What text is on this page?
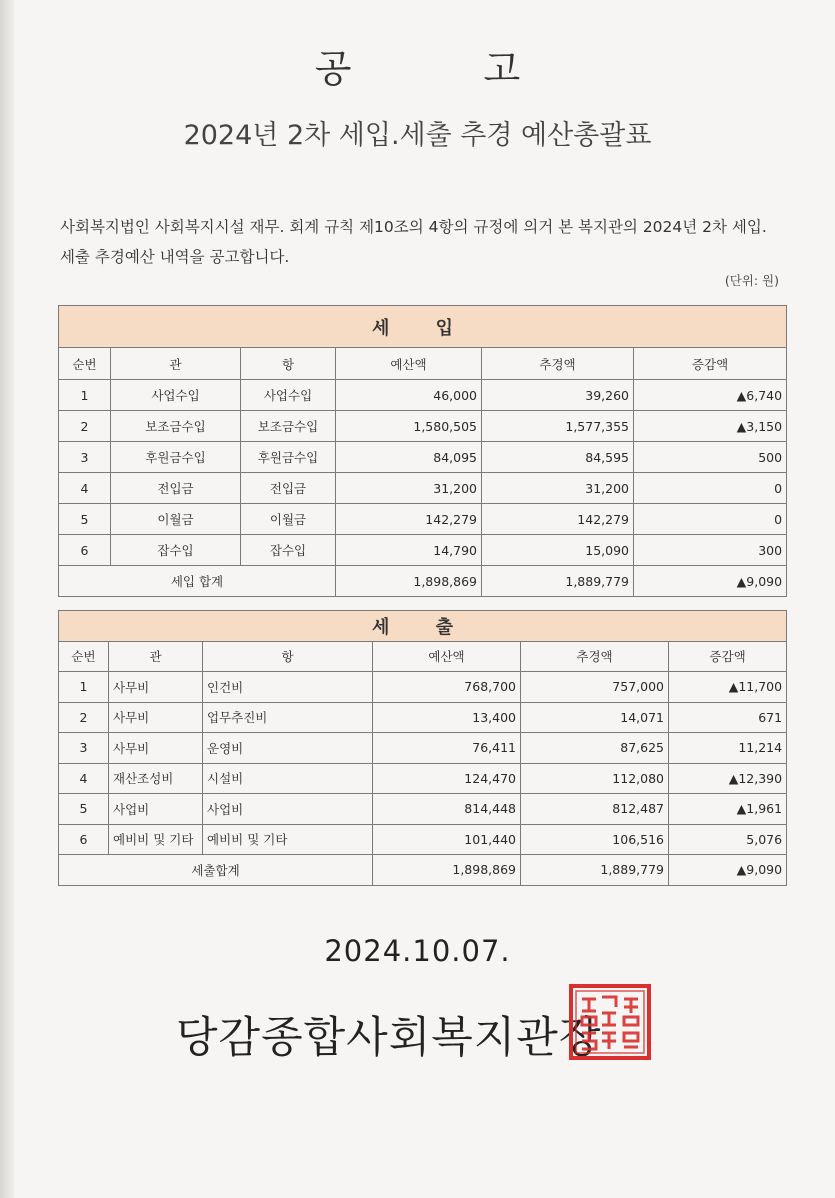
공 고
2024년 2차 세입.세출 추경 예산총괄표
사회복지법인 사회복지시설 재무. 회계 규칙 제10조의 4항의 규정에 의거 본 복지관의 2024년 2차 세입.세출 추경예산 내역을 공고합니다.
(단위: 원)
세 입					
순번	관	항	예산액	추경액	증감액
1	사업수입	사업수입	46,000	39,260	▲6,740
2	보조금수입	보조금수입	1,580,505	1,577,355	▲3,150
3	후원금수입	후원금수입	84,095	84,595	500
4	전입금	전입금	31,200	31,200	0
5	이월금	이월금	142,279	142,279	0
6	잡수입	잡수입	14,790	15,090	300
세입 합계			1,898,869	1,889,779	▲9,090
세 출					
순번	관	항	예산액	추경액	증감액
1	사무비	인건비	768,700	757,000	▲11,700
2	사무비	업무추진비	13,400	14,071	671
3	사무비	운영비	76,411	87,625	11,214
4	재산조성비	시설비	124,470	112,080	▲12,390
5	사업비	사업비	814,448	812,487	▲1,961
6	예비비 및 기타	예비비 및 기타	101,440	106,516	5,076
세출합계			1,898,869	1,889,779	▲9,090
2024.10.07.
당감종합사회복지관장
